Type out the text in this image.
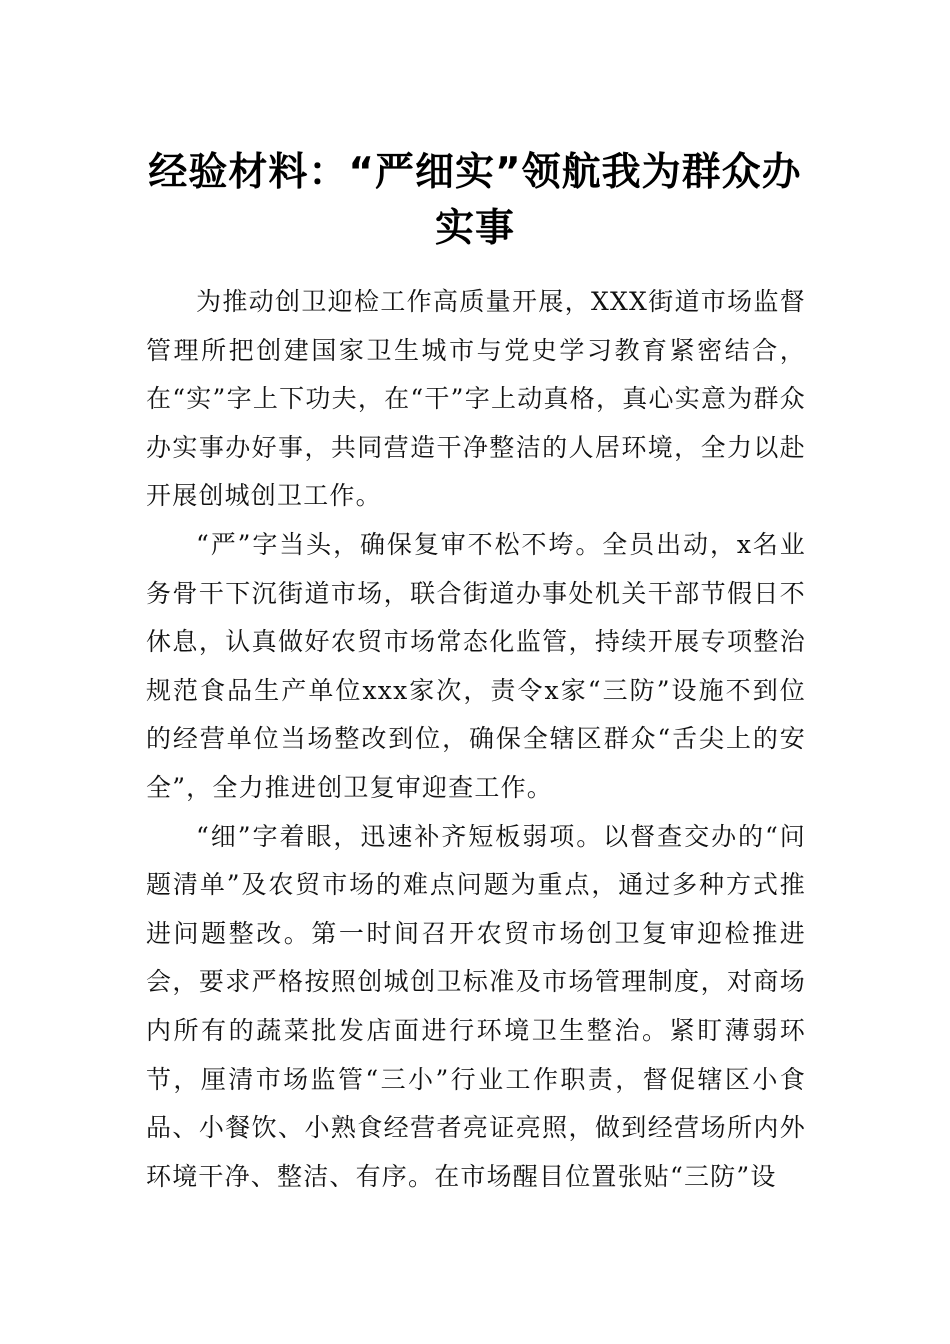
经验材料：“严细实”领航我为群众办实事

为推动创卫迎检工作高质量开展，XXX街道市场监督管理所把创建国家卫生城市与党史学习教育紧密结合，在“实”字上下功夫，在“干”字上动真格，真心实意为群众办实事办好事，共同营造干净整洁的人居环境，全力以赴开展创城创卫工作。

“严”字当头，确保复审不松不垮。全员出动，x名业务骨干下沉街道市场，联合街道办事处机关干部节假日不休息，认真做好农贸市场常态化监管，持续开展专项整治规范食品生产单位xxx家次，责令x家“三防”设施不到位的经营单位当场整改到位，确保全辖区群众“舌尖上的安全”，全力推进创卫复审迎查工作。

“细”字着眼，迅速补齐短板弱项。以督查交办的“问题清单”及农贸市场的难点问题为重点，通过多种方式推进问题整改。第一时间召开农贸市场创卫复审迎检推进会，要求严格按照创城创卫标准及市场管理制度，对商场内所有的蔬菜批发店面进行环境卫生整治。紧盯薄弱环节，厘清市场监管“三小”行业工作职责，督促辖区小食品、小餐饮、小熟食经营者亮证亮照，做到经营场所内外环境干净、整洁、有序。在市场醒目位置张贴“三防”设
